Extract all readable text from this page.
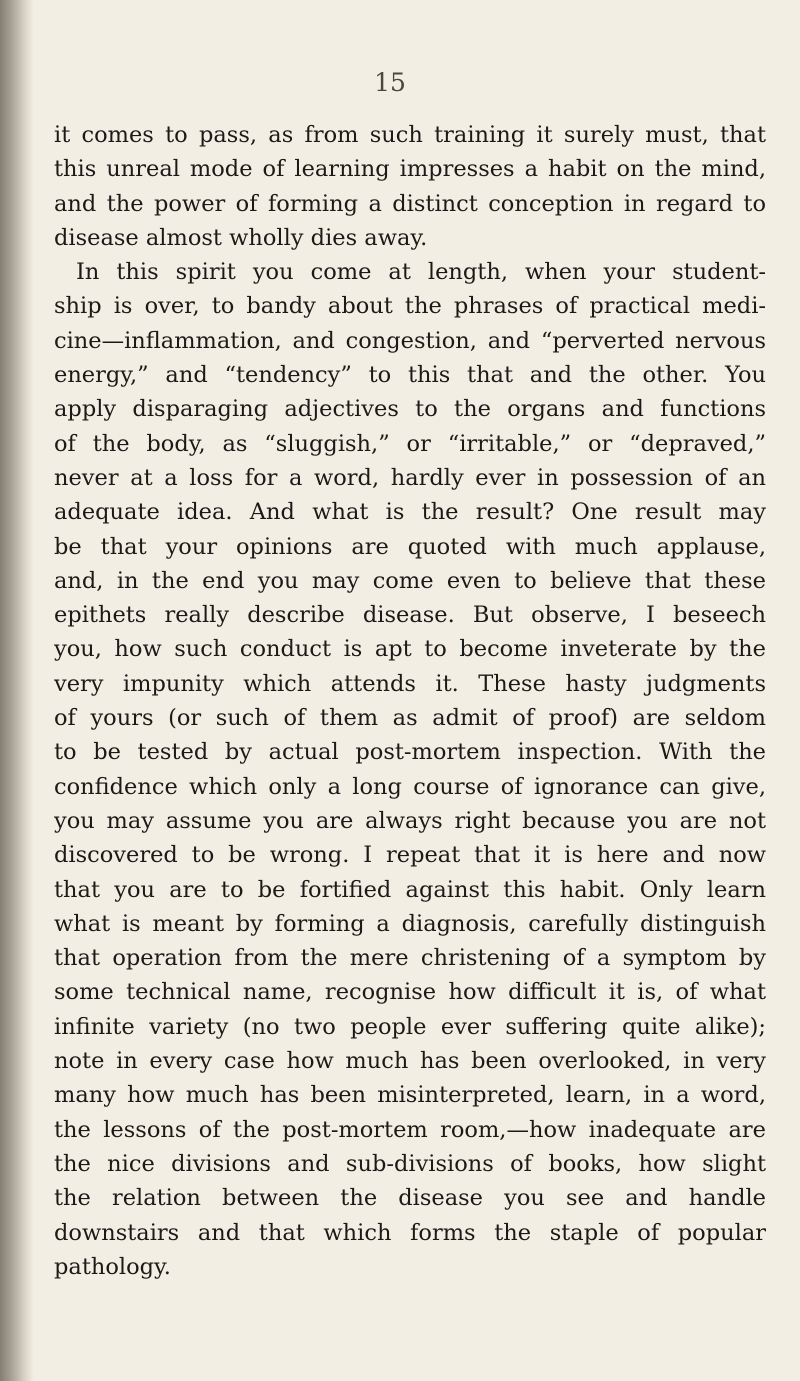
15
it comes to pass, as from such training it surely must, that
this unreal mode of learning impresses a habit on the mind,
and the power of forming a distinct conception in regard to
disease almost wholly dies away.
In this spirit you come at length, when your student-
ship is over, to bandy about the phrases of practical medi-
cine—inflammation, and congestion, and “perverted nervous
energy,” and “tendency” to this that and the other. You
apply disparaging adjectives to the organs and functions
of the body, as “sluggish,” or “irritable,” or “depraved,”
never at a loss for a word, hardly ever in possession of an
adequate idea. And what is the result? One result may
be that your opinions are quoted with much applause,
and, in the end you may come even to believe that these
epithets really describe disease. But observe, I beseech
you, how such conduct is apt to become inveterate by the
very impunity which attends it. These hasty judgments
of yours (or such of them as admit of proof) are seldom
to be tested by actual post-mortem inspection. With the
confidence which only a long course of ignorance can give,
you may assume you are always right because you are not
discovered to be wrong. I repeat that it is here and now
that you are to be fortified against this habit. Only learn
what is meant by forming a diagnosis, carefully distinguish
that operation from the mere christening of a symptom by
some technical name, recognise how difficult it is, of what
infinite variety (no two people ever suffering quite alike);
note in every case how much has been overlooked, in very
many how much has been misinterpreted, learn, in a word,
the lessons of the post-mortem room,—how inadequate are
the nice divisions and sub-divisions of books, how slight
the relation between the disease you see and handle
downstairs and that which forms the staple of popular
pathology.
